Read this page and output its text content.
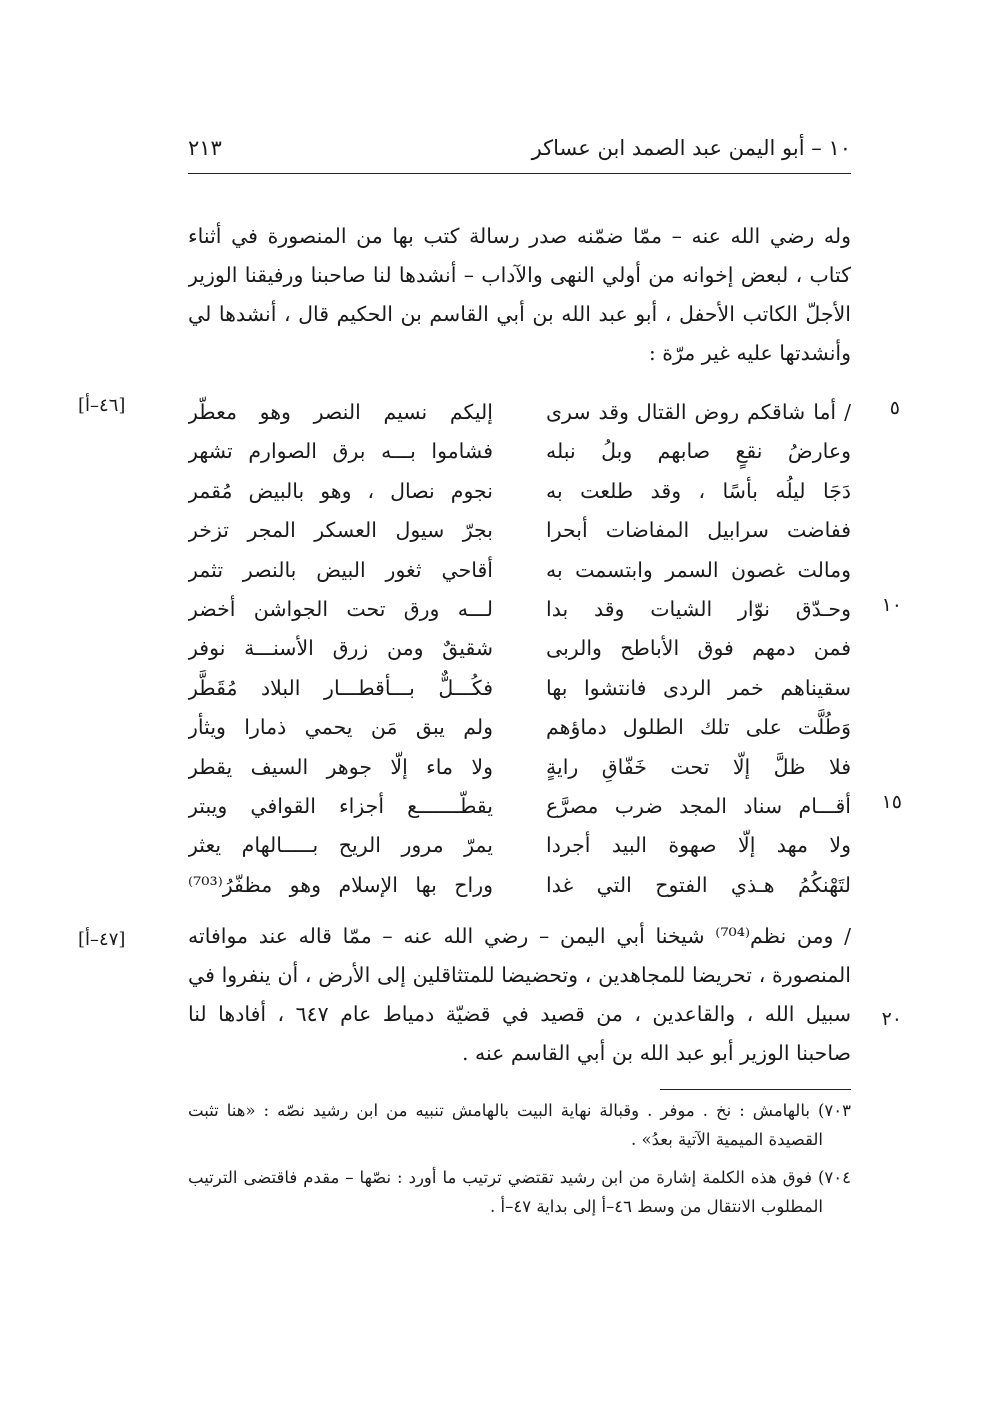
١٠ – أبو اليمن عبد الصمد ابن عساكر
٢١٣
وله رضي الله عنه – ممّا ضمّنه صدر رسالة كتب بها من المنصورة في أثناء
كتاب ، لبعض إخوانه من أولي النهى والآداب – أنشدها لنا صاحبنا ورفيقنا الوزير
الأجلّ الكاتب الأحفل ، أبو عبد الله بن أبي القاسم بن الحكيم قال ، أنشدها لي
وأنشدتها عليه غير مرّة :
/ أما شاقكم روض القتال وقد سرى
إليكم نسيم النصر وهو معطّر
وعارضُ نقعٍ صابهم وبلُ نبله
فشاموا بـــه برق الصوارم تشهر
دَجَا ليلُه بأسًا ، وقد طلعت به
نجوم نصال ، وهو بالبيض مُقمر
ففاضت سرابيل المفاضات أبحرا
بجرّ سيول العسكر المجر تزخر
ومالت غصون السمر وابتسمت به
أقاحي ثغور البيض بالنصر تثمر
وحـدّق نوّار الشيات وقد بدا
لـــه ورق تحت الجواشن أخضر
فمن دمهم فوق الأباطح والربى
شقيقٌ ومن زرق الأسنـــة نوفر
سقيناهم خمر الردى فانتشوا بها
فكُـــلٌّ بـــأقطـــار البلاد مُقَطَّر
وَطُلَّت على تلك الطلول دماؤهم
ولم يبق مَن يحمي ذمارا ويثأر
فلا ظلَّ إلّا تحت خَفّاقِ رايةٍ
ولا ماء إلّا جوهر السيف يقطر
أقـــام سناد المجد ضرب مصرَّع
يقطّـــــــع أجزاء القوافي ويبتر
ولا مهد إلّا صهوة البيد أجردا
يمرّ مرور الريح بـــــالهام يعثر
لتَهْنكُمُ هـذي الفتوح التي غدا
وراح بها الإسلام وهو مظفّرُ⁽⁷⁰³⁾
٥
١٠
١٥
٢٠
[٤٦–أ]
[٤٧–أ]	/ ومن نظم⁽⁷⁰⁴⁾ شيخنا أبي اليمن – رضي الله عنه – ممّا قاله عند موافاته
المنصورة ، تحريضا للمجاهدين ، وتحضيضا للمتثاقلين إلى الأرض ، أن ينفروا في
سبيل الله ، والقاعدين ، من قصيد في قضيّة دمياط عام ٦٤٧ ، أفادها لنا
صاحبنا الوزير أبو عبد الله بن أبي القاسم عنه .
٧٠٣) بالهامش : نخ . موفر . وقبالة نهاية البيت بالهامش تنبيه من ابن رشيد نصّه : «هنا تثبت
القصيدة الميمية الآتية بعدُ» .
٧٠٤) فوق هذه الكلمة إشارة من ابن رشيد تقتضي ترتيب ما أورد : نصّها – مقدم فاقتضى الترتيب
المطلوب الانتقال من وسط ٤٦–أ إلى بداية ٤٧–أ .
